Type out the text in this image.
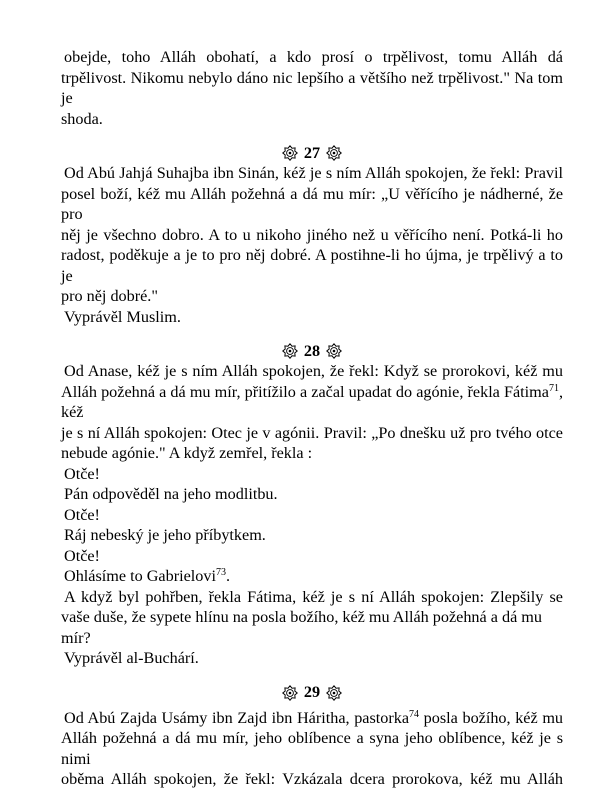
obejde, toho Alláh obohatí, a kdo prosí o trpělivost, tomu Alláh dá

trpělivost. Nikomu nebylo dáno nic lepšího a většího než trpělivost." Na tom je

shoda.

27

Od Abú Jahjá Suhajba ibn Sinán, kéž je s ním Alláh spokojen, že řekl: Pravil

posel boží, kéž mu Alláh požehná a dá mu mír: „U věřícího je nádherné, že pro

něj je všechno dobro. A to u nikoho jiného než u věřícího není. Potká-li ho

radost, poděkuje a je to pro něj dobré. A postihne-li ho újma, je trpělivý a to je

pro něj dobré."

Vyprávěl Muslim.

28

Od Anase, kéž je s ním Alláh spokojen, že řekl: Když se prorokovi, kéž mu

Alláh požehná a dá mu mír, přitížilo a začal upadat do agónie, řekla Fátima$^{71}$, kéž

je s ní Alláh spokojen: Otec je v agónii. Pravil: „Po dnešku už pro tvého otce

nebude agónie." A když zemřel, řekla :

Otče!

Pán odpověděl na jeho modlitbu.

Otče!

Ráj nebeský je jeho příbytkem.

Otče!

Ohlásíme to Gabrielovi$^{73}$.

A když byl pohřben, řekla Fátima, kéž je s ní Alláh spokojen: Zlepšily se

vaše duše, že sypete hlínu na posla božího, kéž mu Alláh požehná a dá mu mír?

Vyprávěl al-Buchárí.

29

Od Abú Zajda Usámy ibn Zajd ibn Háritha, pastorka$^{74}$ posla božího, kéž mu

Alláh požehná a dá mu mír, jeho oblíbence a syna jeho oblíbence, kéž je s nimi

oběma Alláh spokojen, že řekl: Vzkázala dcera prorokova, kéž mu Alláh
